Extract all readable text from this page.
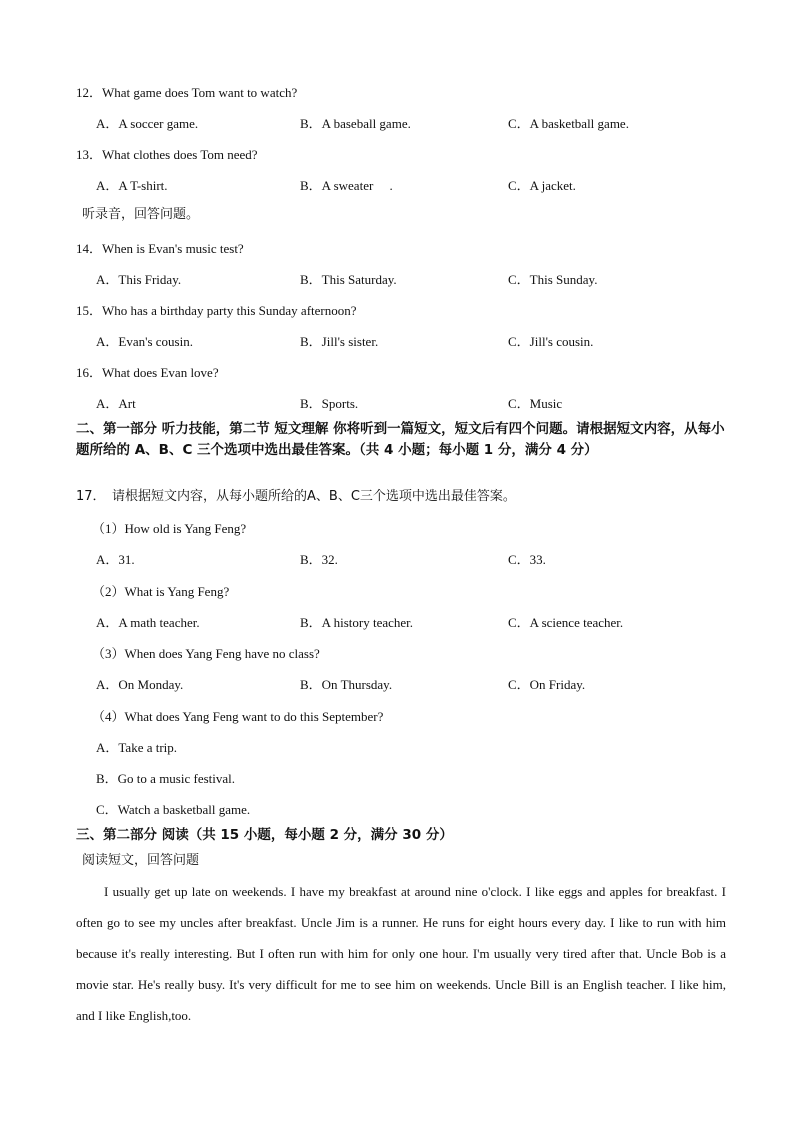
12．What game does Tom want to watch?
A．A soccer game.	B．A baseball game.	C．A basketball game.
13．What clothes does Tom need?
A．A T-shirt.	B．A sweater　 .	C．A jacket.
听录音，回答问题。
14．When is Evan's music test?
A．This Friday.	B．This Saturday.	C．This Sunday.
15．Who has a birthday party this Sunday afternoon?
A．Evan's cousin.	B．Jill's sister.	C．Jill's cousin.
16．What does Evan love?
A．Art	B．Sports.	C．Music
二、第一部分 听力技能，第二节 短文理解 你将听到一篇短文，短文后有四个问题。请根据短文内容，从每小题所给的 A、B、C 三个选项中选出最佳答案。（共 4 小题；每小题 1 分，满分 4 分）
17．　请根据短文内容，从每小题所给的A、B、C三个选项中选出最佳答案。
（1）How old is Yang Feng?
A．31.	B．32.	C．33.
（2）What is Yang Feng?
A．A math teacher.	B．A history teacher.	C．A science teacher.
（3）When does Yang Feng have no class?
A．On Monday.	B．On Thursday.	C．On Friday.
（4）What does Yang Feng want to do this September?
A．Take a trip.
B．Go to a music festival.
C．Watch a basketball game.
三、第二部分 阅读（共 15 小题，每小题 2 分，满分 30 分）
阅读短文，回答问题

I usually get up late on weekends. I have my breakfast at around nine o'clock. I like eggs and apples for breakfast. I often go to see my uncles after breakfast. Uncle Jim is a runner. He runs for eight hours every day. I like to run with him because it's really interesting. But I often run with him for only one hour. I'm usually very tired after that. Uncle Bob is a movie star. He's really busy. It's very difficult for me to see him on weekends. Uncle Bill is an English teacher. I like him, and I like English,too.
